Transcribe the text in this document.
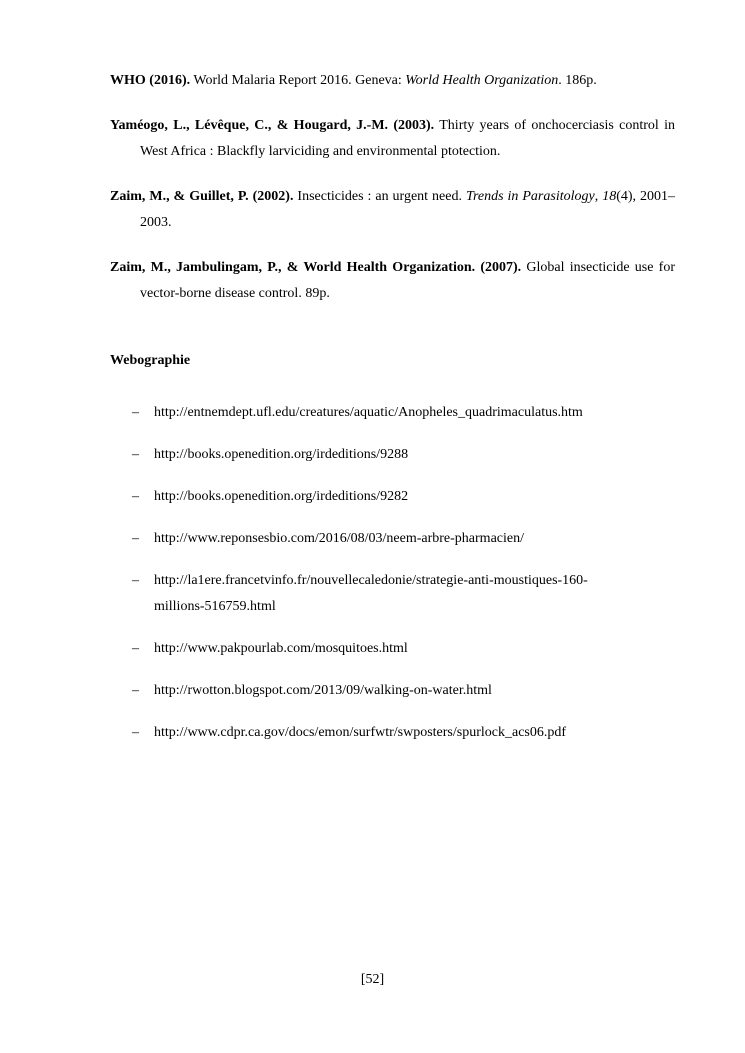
WHO (2016). World Malaria Report 2016. Geneva: World Health Organization. 186p.

Yaméogo, L., Lévêque, C., & Hougard, J.-M. (2003). Thirty years of onchocerciasis control in West Africa : Blackfly larviciding and environmental ptotection.

Zaim, M., & Guillet, P. (2002). Insecticides : an urgent need. Trends in Parasitology, 18(4), 2001–2003.

Zaim, M., Jambulingam, P., & World Health Organization. (2007). Global insecticide use for vector-borne disease control. 89p.

Webographie
–	http://entnemdept.ufl.edu/creatures/aquatic/Anopheles_quadrimaculatus.htm
–	http://books.openedition.org/irdeditions/9288
–	http://books.openedition.org/irdeditions/9282
–	http://www.reponsesbio.com/2016/08/03/neem-arbre-pharmacien/
–	http://la1ere.francetvinfo.fr/nouvellecaledonie/strategie-anti-moustiques-160-millions-516759.html
–	http://www.pakpourlab.com/mosquitoes.html
–	http://rwotton.blogspot.com/2013/09/walking-on-water.html
–	http://www.cdpr.ca.gov/docs/emon/surfwtr/swposters/spurlock_acs06.pdf
[52]
